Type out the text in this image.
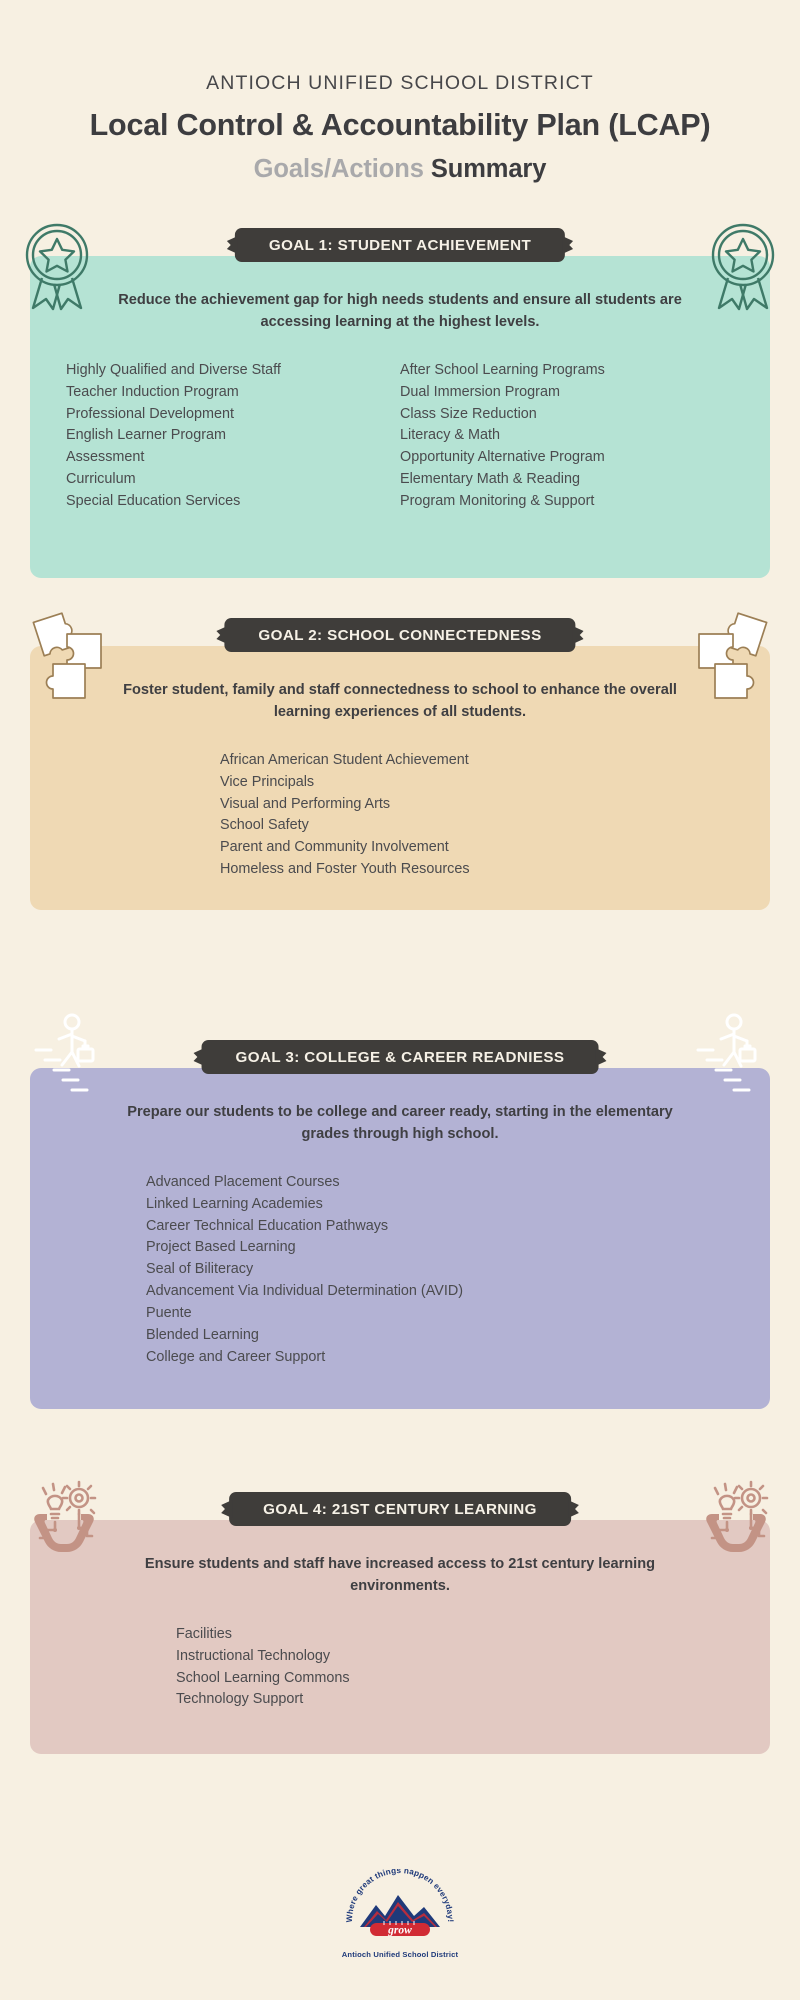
ANTIOCH UNIFIED SCHOOL DISTRICT
Local Control & Accountability Plan (LCAP)
Goals/Actions Summary
GOAL 1: STUDENT ACHIEVEMENT
Reduce the achievement gap for high needs students and ensure all students are accessing learning at the highest levels.
Highly Qualified and Diverse Staff
Teacher Induction Program
Professional Development
English Learner Program
Assessment
Curriculum
Special Education Services
After School Learning Programs
Dual Immersion Program
Class Size Reduction
Literacy & Math
Opportunity Alternative Program
Elementary Math & Reading
Program Monitoring & Support
GOAL 2: SCHOOL CONNECTEDNESS
Foster student, family and staff connectedness to school to enhance the overall learning experiences of all students.
African American Student Achievement
Vice Principals
Visual and Performing Arts
School Safety
Parent and Community Involvement
Homeless and Foster Youth Resources
GOAL 3: COLLEGE & CAREER READNIESS
Prepare our students to be college and career ready, starting in the elementary grades through high school.
Advanced Placement Courses
Linked Learning Academies
Career Technical Education Pathways
Project Based Learning
Seal of Biliteracy
Advancement Via Individual Determination (AVID)
Puente
Blended Learning
College and Career Support
GOAL 4: 21ST CENTURY LEARNING
Ensure students and staff have increased access to 21st century learning environments.
Facilities
Instructional Technology
School Learning Commons
Technology Support
Where great things happen everyday!
grow
Antioch Unified School District
